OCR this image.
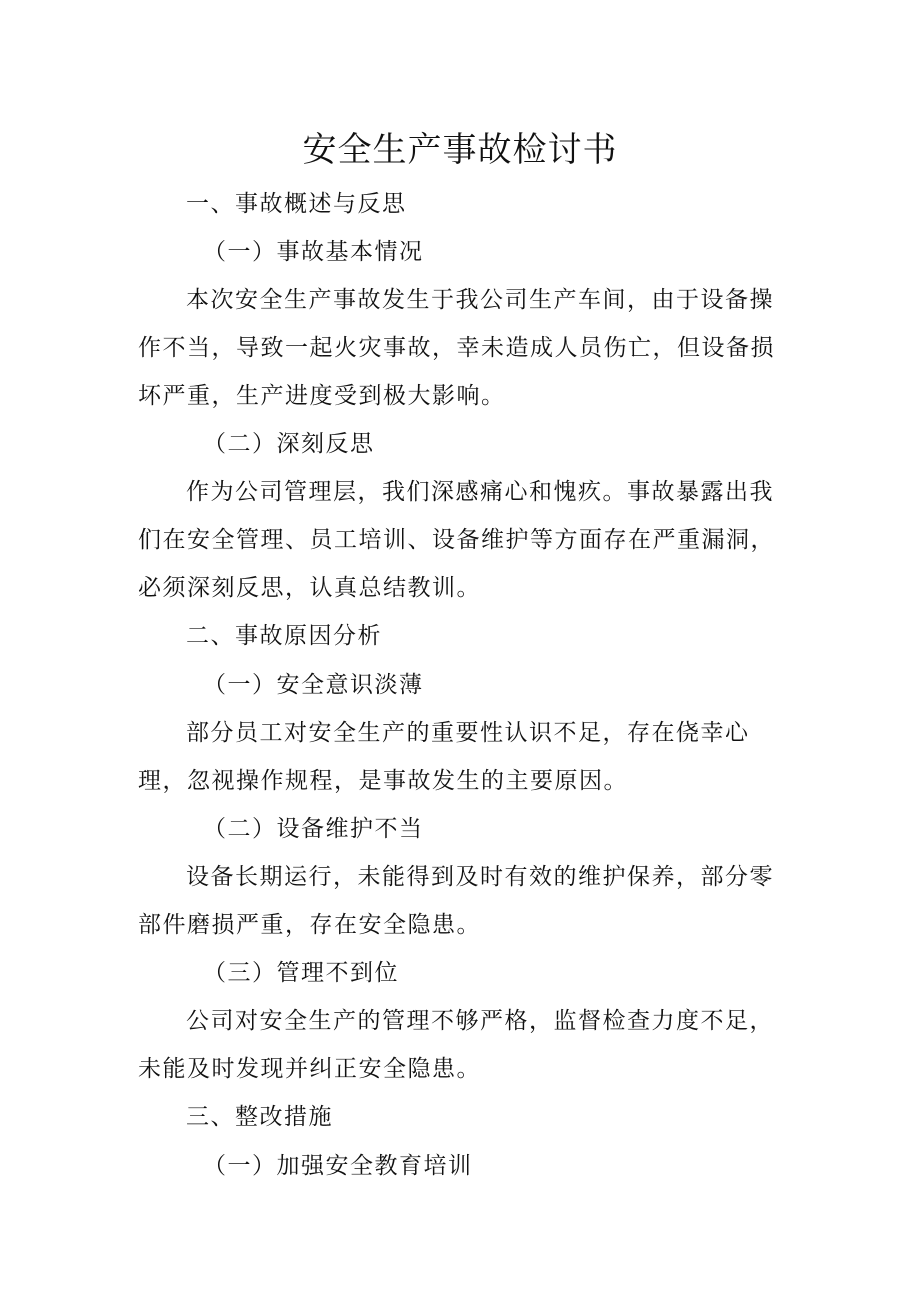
安全生产事故检讨书

一、事故概述与反思

（一）事故基本情况

本次安全生产事故发生于我公司生产车间，由于设备操

作不当，导致一起火灾事故，幸未造成人员伤亡，但设备损

坏严重，生产进度受到极大影响。

（二）深刻反思

作为公司管理层，我们深感痛心和愧疚。事故暴露出我

们在安全管理、员工培训、设备维护等方面存在严重漏洞，

必须深刻反思，认真总结教训。

二、事故原因分析

（一）安全意识淡薄

部分员工对安全生产的重要性认识不足，存在侥幸心

理，忽视操作规程，是事故发生的主要原因。

（二）设备维护不当

设备长期运行，未能得到及时有效的维护保养，部分零

部件磨损严重，存在安全隐患。

（三）管理不到位

公司对安全生产的管理不够严格，监督检查力度不足，

未能及时发现并纠正安全隐患。

三、整改措施

（一）加强安全教育培训
